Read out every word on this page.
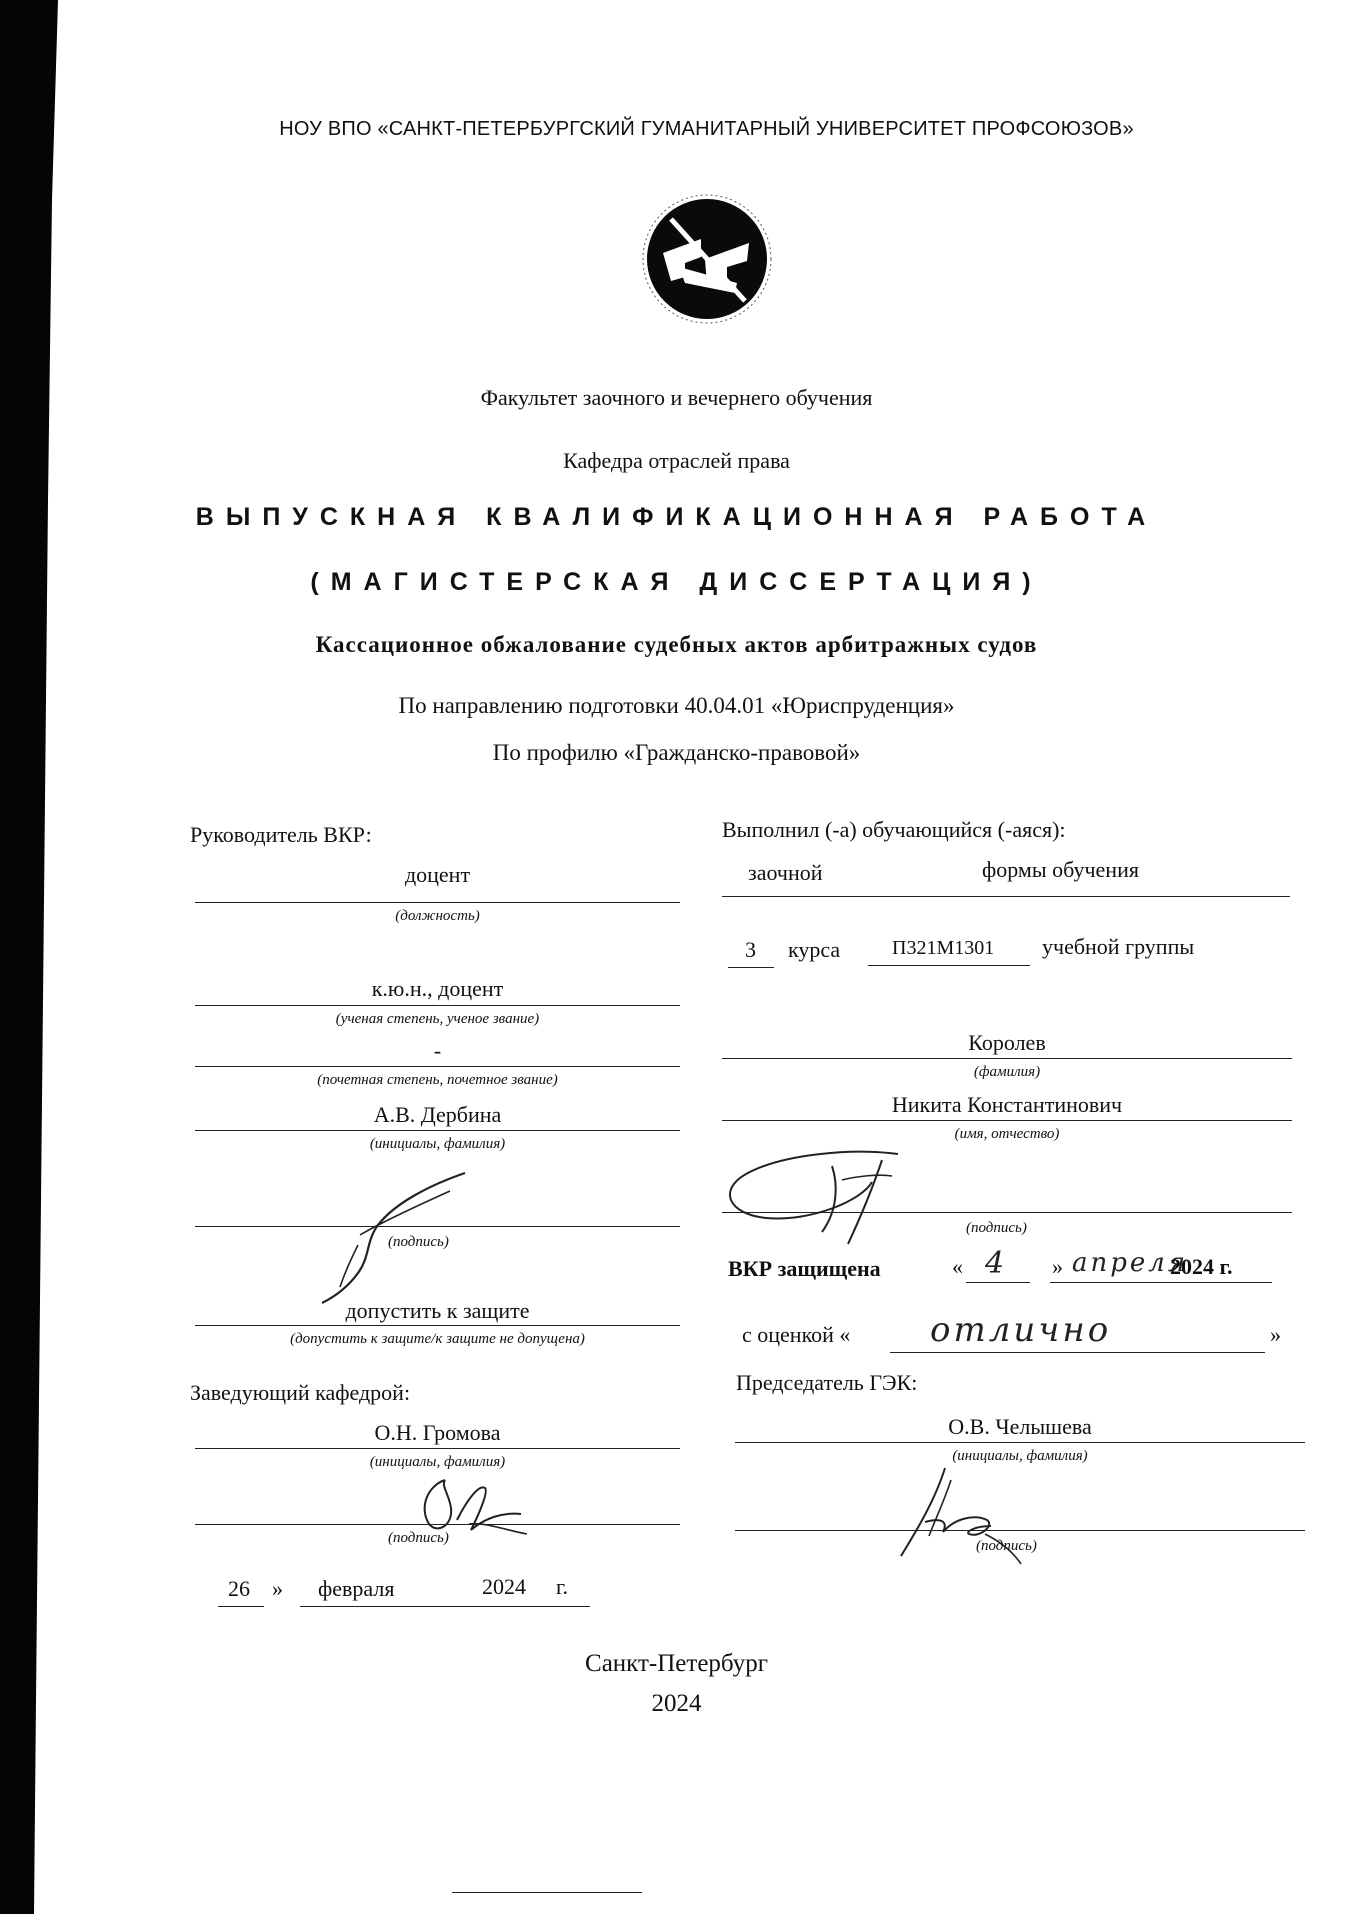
НОУ ВПО «САНКТ-ПЕТЕРБУРГСКИЙ ГУМАНИТАРНЫЙ УНИВЕРСИТЕТ ПРОФСОЮЗОВ»
Факультет заочного и вечернего обучения
Кафедра отраслей права
ВЫПУСКНАЯ КВАЛИФИКАЦИОННАЯ РАБОТА
(МАГИСТЕРСКАЯ ДИССЕРТАЦИЯ)
Кассационное обжалование судебных актов арбитражных судов
По направлению подготовки 40.04.01 «Юриспруденция»
По профилю «Гражданско-правовой»
Руководитель ВКР:
доцент
(должность)
к.ю.н., доцент
(ученая степень, ученое звание)
-
(почетная степень, почетное звание)
А.В. Дербина
(инициалы, фамилия)
(подпись)
допустить к защите
(допустить к защите/к защите не допущена)
Заведующий кафедрой:
О.Н. Громова
(инициалы, фамилия)
(подпись)
26 » февраля	2024 г.
Выполнил (-а) обучающийся (-аяся):
заочной	формы обучения
3 курса	П321М1301 учебной группы
Королев
(фамилия)
Никита Константинович
(имя, отчество)
(подпись)
ВКР защищена	« 4 » апреля
2024 г.
с оценкой « отлично	»
Председатель ГЭК:
О.В. Челышева
(инициалы, фамилия)
(подпись)
Санкт-Петербург
2024
